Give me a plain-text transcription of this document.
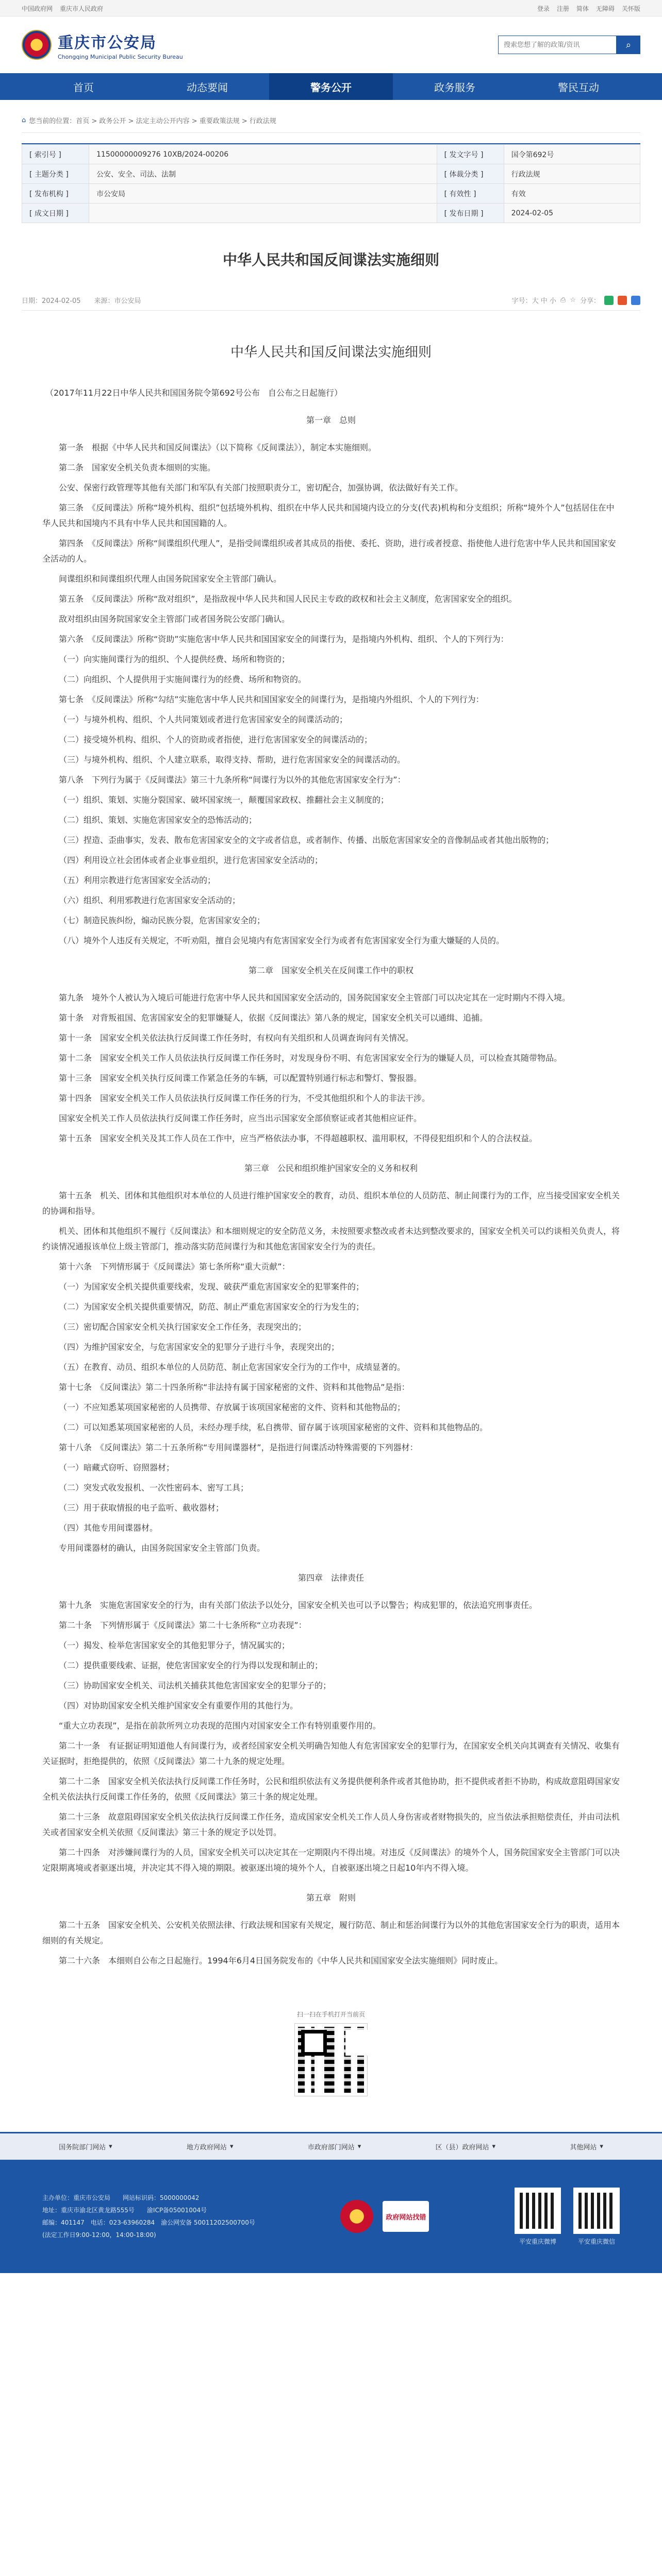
中国政府网 重庆市人民政府	登录 注册 简体 无障碍 关怀版
重庆市公安局
Chongqing Municipal Public Security Bureau
搜索您想了解的政策/资讯
⌕
首页	动态要闻	警务公开	政务服务	警民互动
⌂ 您当前的位置：首页 > 政务公开 > 法定主动公开内容 > 重要政策法规 > 行政法规
[ 索引号 ]	11500000009276 10XB/2024-00206	[ 发文字号 ]	国令第692号
[ 主题分类 ]	公安、安全、司法、法制	[ 体裁分类 ]	行政法规
[ 发布机构 ]	市公安局	[ 有效性 ]	有效
[ 成文日期 ]		[ 发布日期 ]	2024-02-05
中华人民共和国反间谍法实施细则
日期：2024-02-05　　来源：市公安局	字号：大 中 小 ⎙ ☆ 分享：
中华人民共和国反间谍法实施细则
（2017年11月22日中华人民共和国国务院令第692号公布　自公布之日起施行）
第一章　总则

第一条　根据《中华人民共和国反间谍法》（以下简称《反间谍法》），制定本实施细则。

第二条　国家安全机关负责本细则的实施。

公安、保密行政管理等其他有关部门和军队有关部门按照职责分工，密切配合，加强协调，依法做好有关工作。

第三条　《反间谍法》所称“境外机构、组织”包括境外机构、组织在中华人民共和国境内设立的分支(代表)机构和分支组织；所称“境外个人”包括居住在中华人民共和国境内不具有中华人民共和国国籍的人。

第四条　《反间谍法》所称“间谍组织代理人”，是指受间谍组织或者其成员的指使、委托、资助，进行或者授意、指使他人进行危害中华人民共和国国家安全活动的人。

间谍组织和间谍组织代理人由国务院国家安全主管部门确认。

第五条　《反间谍法》所称“敌对组织”，是指敌视中华人民共和国人民民主专政的政权和社会主义制度，危害国家安全的组织。

敌对组织由国务院国家安全主管部门或者国务院公安部门确认。

第六条　《反间谍法》所称“资助”实施危害中华人民共和国国家安全的间谍行为，是指境内外机构、组织、个人的下列行为：

（一）向实施间谍行为的组织、个人提供经费、场所和物资的；

（二）向组织、个人提供用于实施间谍行为的经费、场所和物资的。

第七条　《反间谍法》所称“勾结”实施危害中华人民共和国国家安全的间谍行为，是指境内外组织、个人的下列行为：

（一）与境外机构、组织、个人共同策划或者进行危害国家安全的间谍活动的；

（二）接受境外机构、组织、个人的资助或者指使，进行危害国家安全的间谍活动的；

（三）与境外机构、组织、个人建立联系，取得支持、帮助，进行危害国家安全的间谍活动的。

第八条　下列行为属于《反间谍法》第三十九条所称“间谍行为以外的其他危害国家安全行为”：

（一）组织、策划、实施分裂国家、破坏国家统一，颠覆国家政权、推翻社会主义制度的；

（二）组织、策划、实施危害国家安全的恐怖活动的；

（三）捏造、歪曲事实，发表、散布危害国家安全的文字或者信息，或者制作、传播、出版危害国家安全的音像制品或者其他出版物的；

（四）利用设立社会团体或者企业事业组织，进行危害国家安全活动的；

（五）利用宗教进行危害国家安全活动的；

（六）组织、利用邪教进行危害国家安全活动的；

（七）制造民族纠纷，煽动民族分裂，危害国家安全的；

（八）境外个人违反有关规定，不听劝阻，擅自会见境内有危害国家安全行为或者有危害国家安全行为重大嫌疑的人员的。

第二章　国家安全机关在反间谍工作中的职权

第九条　境外个人被认为入境后可能进行危害中华人民共和国国家安全活动的，国务院国家安全主管部门可以决定其在一定时期内不得入境。

第十条　对背叛祖国、危害国家安全的犯罪嫌疑人，依据《反间谍法》第八条的规定，国家安全机关可以通缉、追捕。

第十一条　国家安全机关依法执行反间谍工作任务时，有权向有关组织和人员调查询问有关情况。

第十二条　国家安全机关工作人员依法执行反间谍工作任务时，对发现身份不明、有危害国家安全行为的嫌疑人员，可以检查其随带物品。

第十三条　国家安全机关执行反间谍工作紧急任务的车辆，可以配置特别通行标志和警灯、警报器。

第十四条　国家安全机关工作人员依法执行反间谍工作任务的行为，不受其他组织和个人的非法干涉。

国家安全机关工作人员依法执行反间谍工作任务时，应当出示国家安全部侦察证或者其他相应证件。

第十五条　国家安全机关及其工作人员在工作中，应当严格依法办事，不得超越职权、滥用职权，不得侵犯组织和个人的合法权益。

第三章　公民和组织维护国家安全的义务和权利

第十五条　机关、团体和其他组织对本单位的人员进行维护国家安全的教育，动员、组织本单位的人员防范、制止间谍行为的工作，应当接受国家安全机关的协调和指导。

机关、团体和其他组织不履行《反间谍法》和本细则规定的安全防范义务，未按照要求整改或者未达到整改要求的，国家安全机关可以约谈相关负责人，将约谈情况通报该单位上级主管部门，推动落实防范间谍行为和其他危害国家安全行为的责任。

第十六条　下列情形属于《反间谍法》第七条所称“重大贡献”：

（一）为国家安全机关提供重要线索，发现、破获严重危害国家安全的犯罪案件的；

（二）为国家安全机关提供重要情况，防范、制止严重危害国家安全的行为发生的；

（三）密切配合国家安全机关执行国家安全工作任务，表现突出的；

（四）为维护国家安全，与危害国家安全的犯罪分子进行斗争，表现突出的；

（五）在教育、动员、组织本单位的人员防范、制止危害国家安全行为的工作中，成绩显著的。

第十七条　《反间谍法》第二十四条所称“非法持有属于国家秘密的文件、资料和其他物品”是指：

（一）不应知悉某项国家秘密的人员携带、存放属于该项国家秘密的文件、资料和其他物品的；

（二）可以知悉某项国家秘密的人员，未经办理手续，私自携带、留存属于该项国家秘密的文件、资料和其他物品的。

第十八条　《反间谍法》第二十五条所称“专用间谍器材”，是指进行间谍活动特殊需要的下列器材：

（一）暗藏式窃听、窃照器材；

（二）突发式收发报机、一次性密码本、密写工具；

（三）用于获取情报的电子监听、截收器材；

（四）其他专用间谍器材。

专用间谍器材的确认，由国务院国家安全主管部门负责。

第四章　法律责任

第十九条　实施危害国家安全的行为，由有关部门依法予以处分，国家安全机关也可以予以警告；构成犯罪的，依法追究刑事责任。

第二十条　下列情形属于《反间谍法》第二十七条所称“立功表现”：

（一）揭发、检举危害国家安全的其他犯罪分子，情况属实的；

（二）提供重要线索、证据，使危害国家安全的行为得以发现和制止的；

（三）协助国家安全机关、司法机关捕获其他危害国家安全的犯罪分子的；

（四）对协助国家安全机关维护国家安全有重要作用的其他行为。

“重大立功表现”，是指在前款所列立功表现的范围内对国家安全工作有特别重要作用的。

第二十一条　有证据证明知道他人有间谍行为，或者经国家安全机关明确告知他人有危害国家安全的犯罪行为，在国家安全机关向其调查有关情况、收集有关证据时，拒绝提供的，依照《反间谍法》第二十九条的规定处理。

第二十二条　国家安全机关依法执行反间谍工作任务时，公民和组织依法有义务提供便利条件或者其他协助，拒不提供或者拒不协助，构成故意阻碍国家安全机关依法执行反间谍工作任务的，依照《反间谍法》第三十条的规定处理。

第二十三条　故意阻碍国家安全机关依法执行反间谍工作任务，造成国家安全机关工作人员人身伤害或者财物损失的，应当依法承担赔偿责任，并由司法机关或者国家安全机关依照《反间谍法》第三十条的规定予以处罚。

第二十四条　对涉嫌间谍行为的人员，国家安全机关可以决定其在一定期限内不得出境。对违反《反间谍法》的境外个人，国务院国家安全主管部门可以决定限期离境或者驱逐出境，并决定其不得入境的期限。被驱逐出境的境外个人，自被驱逐出境之日起10年内不得入境。

第五章　附则

第二十五条　国家安全机关、公安机关依照法律、行政法规和国家有关规定，履行防范、制止和惩治间谍行为以外的其他危害国家安全行为的职责，适用本细则的有关规定。

第二十六条　本细则自公布之日起施行。1994年6月4日国务院发布的《中华人民共和国国家安全法实施细则》同时废止。

扫一扫在手机打开当前页
国务院部门网站 ▾	地方政府网站 ▾	市政府部门网站 ▾	区（县）政府网站 ▾	其他网站 ▾
主办单位：重庆市公安局　　网站标识码：5000000042
地址：重庆市渝北区黄龙路555号　　渝ICP备05001004号
邮编：401147　电话：023-63960284　渝公网安备 50011202500700号
(法定工作日9:00-12:00，14:00-18:00)
政府网站找错
平安重庆微博	平安重庆微信
